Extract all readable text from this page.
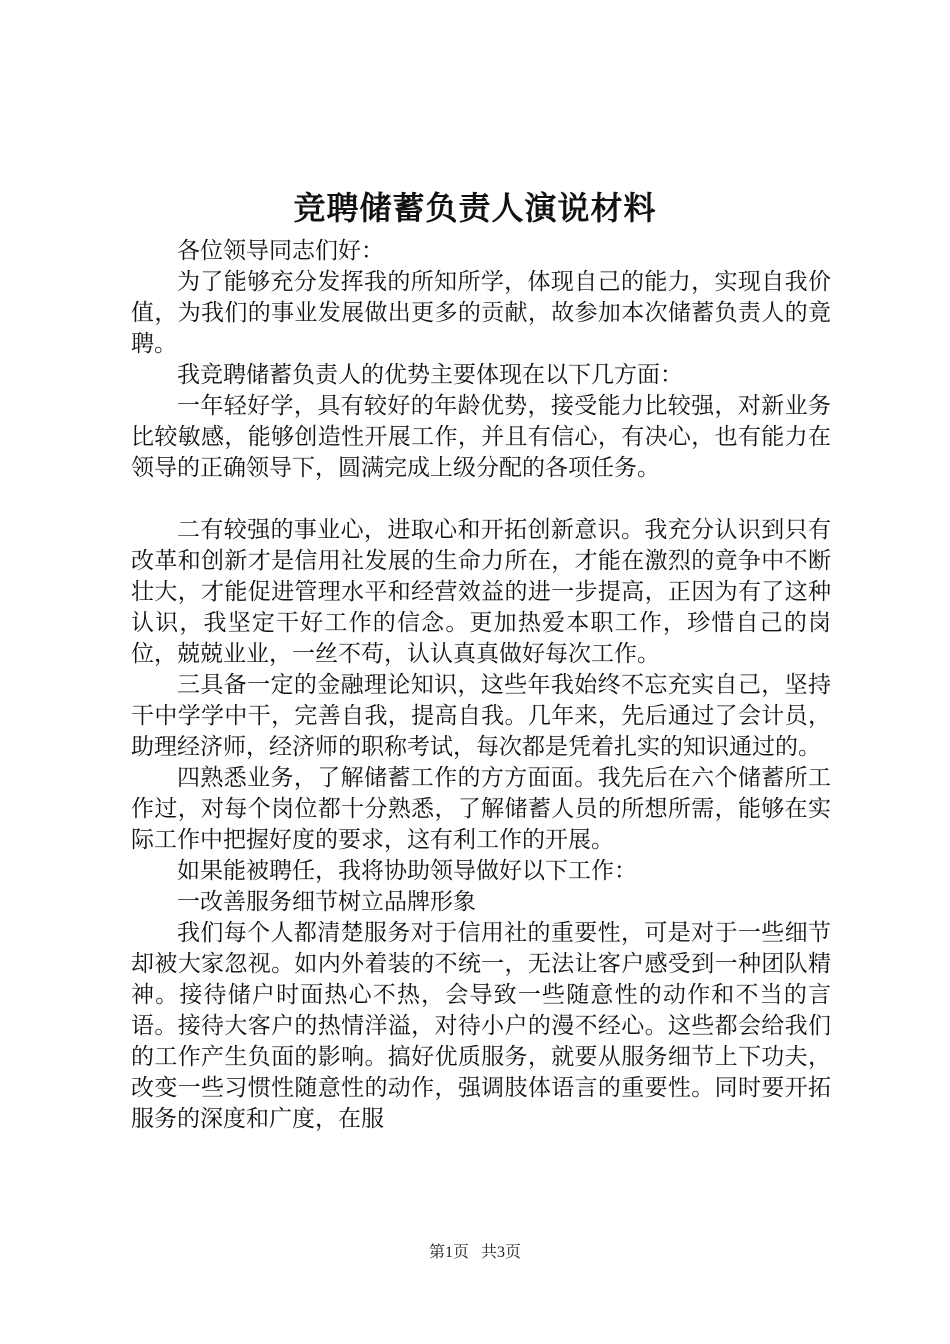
竞聘储蓄负责人演说材料

各位领导同志们好：

为了能够充分发挥我的所知所学，体现自己的能力，实现自我价值，为我们的事业发展做出更多的贡献，故参加本次储蓄负责人的竟聘。

我竞聘储蓄负责人的优势主要体现在以下几方面：

一年轻好学，具有较好的年龄优势，接受能力比较强，对新业务比较敏感，能够创造性开展工作，并且有信心，有决心，也有能力在领导的正确领导下，圆满完成上级分配的各项任务。

二有较强的事业心，进取心和开拓创新意识。我充分认识到只有改革和创新才是信用社发展的生命力所在，才能在激烈的竟争中不断壮大，才能促进管理水平和经营效益的进一步提高，正因为有了这种认识，我坚定干好工作的信念。更加热爱本职工作，珍惜自己的岗位，兢兢业业，一丝不苟，认认真真做好每次工作。

三具备一定的金融理论知识，这些年我始终不忘充实自己，坚持干中学学中干，完善自我，提高自我。几年来，先后通过了会计员，助理经济师，经济师的职称考试，每次都是凭着扎实的知识通过的。

四熟悉业务，了解储蓄工作的方方面面。我先后在六个储蓄所工作过，对每个岗位都十分熟悉，了解储蓄人员的所想所需，能够在实际工作中把握好度的要求，这有利工作的开展。

如果能被聘任，我将协助领导做好以下工作：

一改善服务细节树立品牌形象

我们每个人都清楚服务对于信用社的重要性，可是对于一些细节却被大家忽视。如内外着装的不统一，无法让客户感受到一种团队精神。接待储户时面热心不热，会导致一些随意性的动作和不当的言语。接待大客户的热情洋溢，对待小户的漫不经心。这些都会给我们的工作产生负面的影响。搞好优质服务，就要从服务细节上下功夫，改变一些习惯性随意性的动作，强调肢体语言的重要性。同时要开拓服务的深度和广度，在服

第1页 共3页
